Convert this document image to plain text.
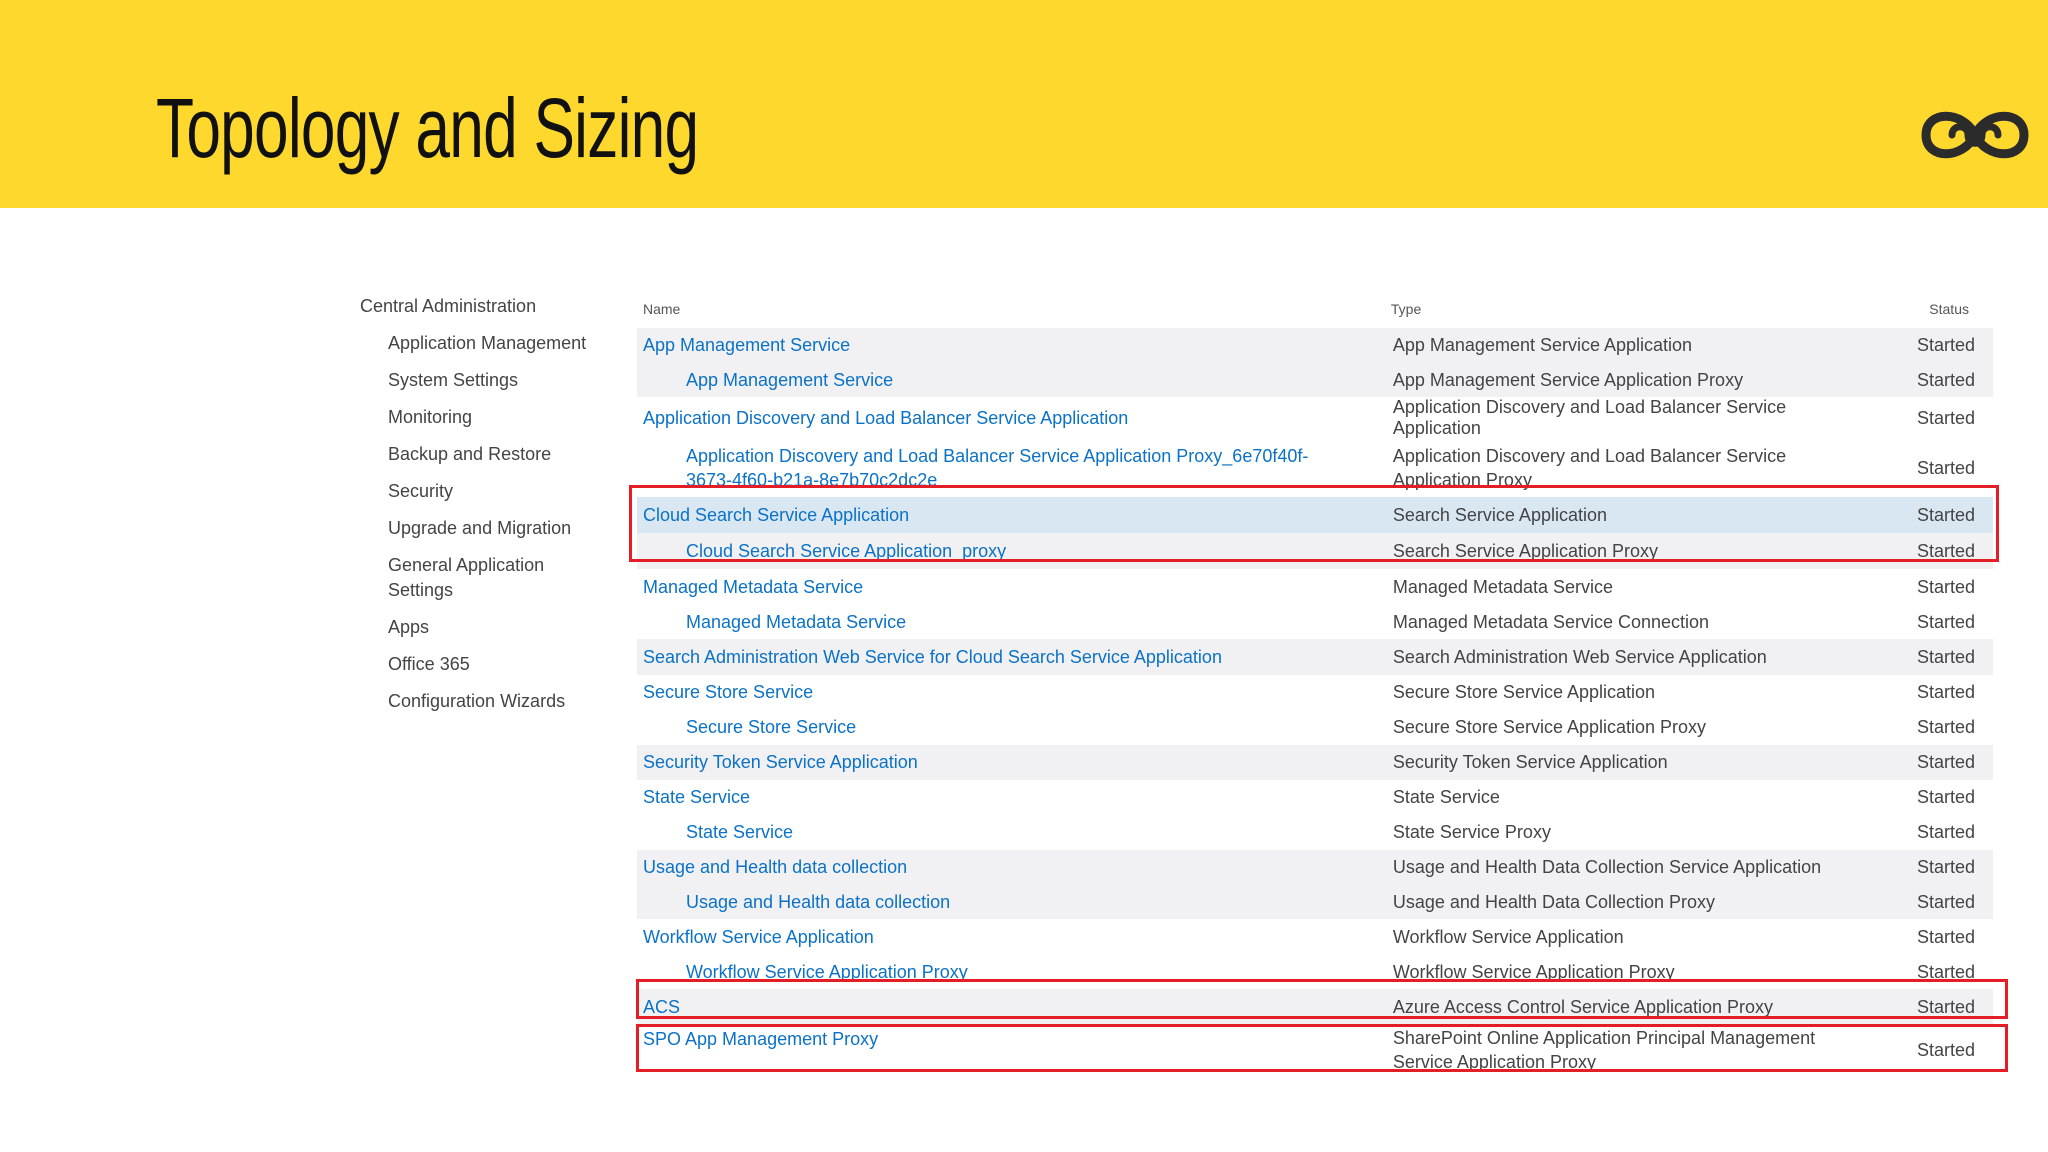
Topology and Sizing
Central Administration
Application Management
System Settings
Monitoring
Backup and Restore
Security
Upgrade and Migration
General Application Settings
Apps
Office 365
Configuration Wizards
Name	Type	Status
App Management Service	App Management Service Application	Started
App Management Service	App Management Service Application Proxy	Started
Application Discovery and Load Balancer Service Application	Application Discovery and Load Balancer Service Application	Started
Application Discovery and Load Balancer Service Application Proxy_6e70f40f-3673-4f60-b21a-8e7b70c2dc2e	Application Discovery and Load Balancer Service Application Proxy	Started
Cloud Search Service Application	Search Service Application	Started
Cloud Search Service Application_proxy	Search Service Application Proxy	Started
Managed Metadata Service	Managed Metadata Service	Started
Managed Metadata Service	Managed Metadata Service Connection	Started
Search Administration Web Service for Cloud Search Service Application	Search Administration Web Service Application	Started
Secure Store Service	Secure Store Service Application	Started
Secure Store Service	Secure Store Service Application Proxy	Started
Security Token Service Application	Security Token Service Application	Started
State Service	State Service	Started
State Service	State Service Proxy	Started
Usage and Health data collection	Usage and Health Data Collection Service Application	Started
Usage and Health data collection	Usage and Health Data Collection Proxy	Started
Workflow Service Application	Workflow Service Application	Started
Workflow Service Application Proxy	Workflow Service Application Proxy	Started
ACS	Azure Access Control Service Application Proxy	Started
SPO App Management Proxy	SharePoint Online Application Principal Management Service Application Proxy	Started
